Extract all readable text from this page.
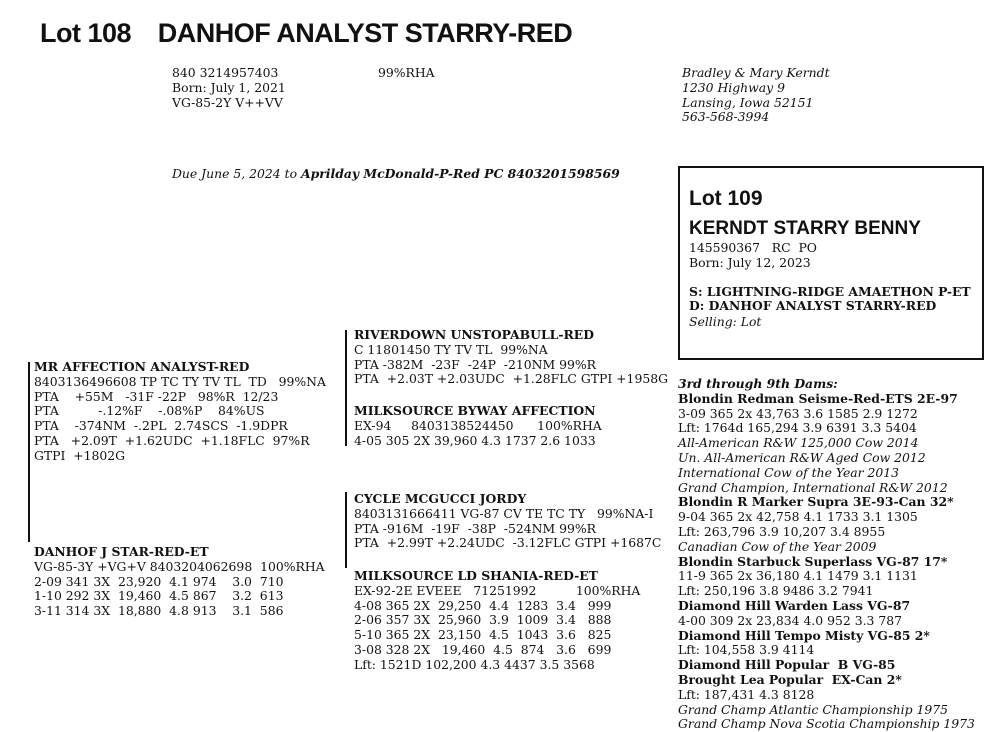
Lot 108 DANHOF ANALYST STARRY-RED
840 3214957403
Born: July 1, 2021
VG-85-2Y V++VV
99%RHA	Bradley & Mary Kerndt
1230 Highway 9
Lansing, Iowa 52151
563-568-3994
Due June 5, 2024 to Aprilday McDonald-P-Red PC 8403201598569
Lot 109
KERNDT STARRY BENNY
145590367   RC  PO
Born: July 12, 2023
S: LIGHTNING-RIDGE AMAETHON P-ET
D: DANHOF ANALYST STARRY-RED
Selling: Lot
MR AFFECTION ANALYST-RED
8403136496608 TP TC TY TV TL  TD   99%NA
PTA    +55M   -31F -22P   98%R  12/23
PTA          -.12%F    -.08%P    84%US
PTA    -374NM  -.2PL  2.74SCS  -1.9DPR
PTA   +2.09T  +1.62UDC  +1.18FLC  97%R
GTPI  +1802G
RIVERDOWN UNSTOPABULL-RED
C 11801450 TY TV TL  99%NA
PTA -382M  -23F  -24P  -210NM 99%R
PTA  +2.03T +2.03UDC  +1.28FLC GTPI +1958G
MILKSOURCE BYWAY AFFECTION
EX-94     8403138524450      100%RHA
4-05 305 2X 39,960 4.3 1737 2.6 1033
DANHOF J STAR-RED-ET
VG-85-3Y +VG+V 8403204062698  100%RHA
2-09 341 3X  23,920  4.1 974    3.0  710
1-10 292 3X  19,460  4.5 867    3.2  613
3-11 314 3X  18,880  4.8 913    3.1  586
CYCLE MCGUCCI JORDY
8403131666411 VG-87 CV TE TC TY   99%NA-I
PTA -916M  -19F  -38P  -524NM 99%R
PTA  +2.99T +2.24UDC  -3.12FLC GTPI +1687C
MILKSOURCE LD SHANIA-RED-ET
EX-92-2E EVEEE   71251992          100%RHA
4-08 365 2X  29,250  4.4  1283  3.4   999
2-06 357 3X  25,960  3.9  1009  3.4   888
5-10 365 2X  23,150  4.5  1043  3.6   825
3-08 328 2X   19,460  4.5  874   3.6   699
Lft: 1521D 102,200 4.3 4437 3.5 3568
3rd through 9th Dams:
Blondin Redman Seisme-Red-ETS 2E-97
3-09 365 2x 43,763 3.6 1585 2.9 1272
Lft: 1764d 165,294 3.9 6391 3.3 5404
All-American R&W 125,000 Cow 2014
Un. All-American R&W Aged Cow 2012
International Cow of the Year 2013
Grand Champion, International R&W 2012
Blondin R Marker Supra 3E-93-Can 32*
9-04 365 2x 42,758 4.1 1733 3.1 1305
Lft: 263,796 3.9 10,207 3.4 8955
Canadian Cow of the Year 2009
Blondin Starbuck Superlass VG-87 17*
11-9 365 2x 36,180 4.1 1479 3.1 1131
Lft: 250,196 3.8 9486 3.2 7941
Diamond Hill Warden Lass VG-87
4-00 309 2x 23,834 4.0 952 3.3 787
Diamond Hill Tempo Misty VG-85 2*
Lft: 104,558 3.9 4114
Diamond Hill Popular  B VG-85
Brought Lea Popular  EX-Can 2*
Lft: 187,431 4.3 8128
Grand Champ Atlantic Championship 1975
Grand Champ Nova Scotia Championship 1973
